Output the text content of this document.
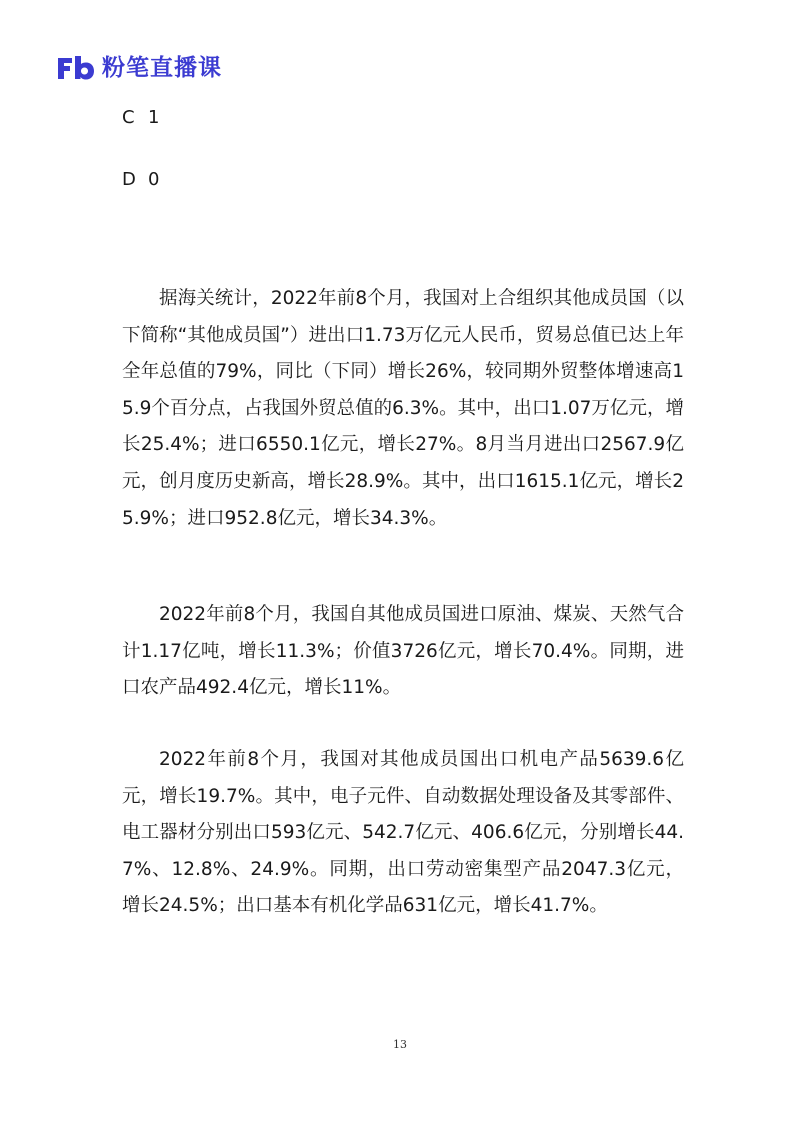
粉笔直播课
C 1
D 0

据海关统计，2022年前8个月，我国对上合组织其他成员国（以下简称“其他成员国”）进出口1.73万亿元人民币，贸易总值已达上年全年总值的79%，同比（下同）增长26%，较同期外贸整体增速高15.9个百分点，占我国外贸总值的6.3%。其中，出口1.07万亿元，增长25.4%；进口6550.1亿元，增长27%。8月当月进出口2567.9亿元，创月度历史新高，增长28.9%。其中，出口1615.1亿元，增长25.9%；进口952.8亿元，增长34.3%。

2022年前8个月，我国自其他成员国进口原油、煤炭、天然气合计1.17亿吨，增长11.3%；价值3726亿元，增长70.4%。同期，进口农产品492.4亿元，增长11%。

2022年前8个月，我国对其他成员国出口机电产品5639.6亿元，增长19.7%。其中，电子元件、自动数据处理设备及其零部件、电工器材分别出口593亿元、542.7亿元、406.6亿元，分别增长44.7%、12.8%、24.9%。同期，出口劳动密集型产品2047.3亿元，增长24.5%；出口基本有机化学品631亿元，增长41.7%。

13
